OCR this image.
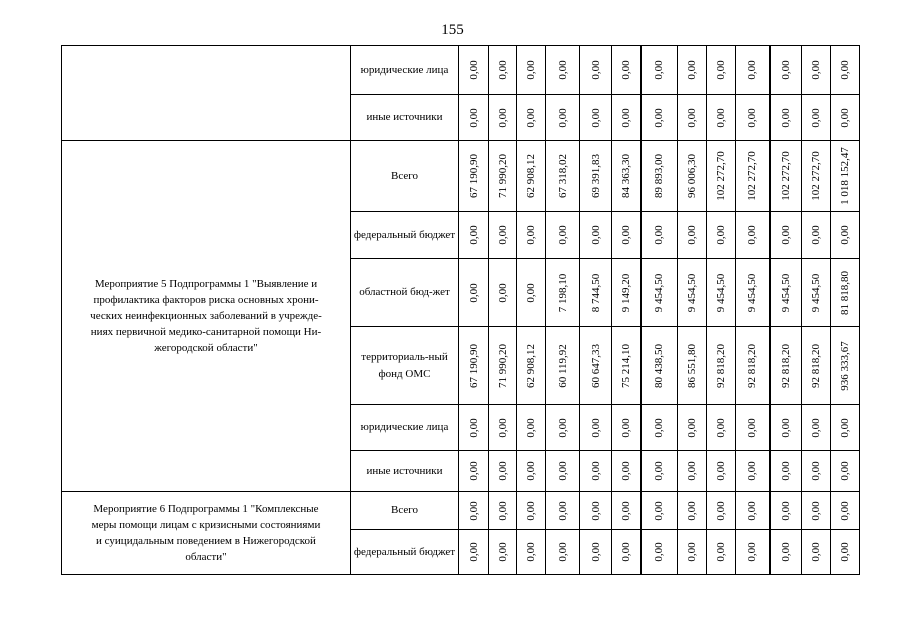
155
	юридические лица	0,00	0,00	0,00	0,00	0,00	0,00	0,00	0,00	0,00	0,00	0,00	0,00	0,00

	иные источники	0,00	0,00	0,00	0,00	0,00	0,00	0,00	0,00	0,00	0,00	0,00	0,00	0,00

Мероприятие 5 Подпрограммы 1 "Выявление и
профилактика факторов риска основных хрони-
ческих неинфекционных заболеваний в учрежде-
ниях первичной медико-санитарной помощи Ни-
жегородской области"	Всего	67 190,90	71 990,20	62 908,12	67 318,02	69 391,83	84 363,30	89 893,00	96 006,30	102 272,70	102 272,70	102 272,70	102 272,70	1 018 152,47

	федеральный бюджет	0,00	0,00	0,00	0,00	0,00	0,00	0,00	0,00	0,00	0,00	0,00	0,00	0,00

	областной бюд-жет	0,00	0,00	0,00	7 198,10	8 744,50	9 149,20	9 454,50	9 454,50	9 454,50	9 454,50	9 454,50	9 454,50	81 818,80

	территориаль-ный фонд ОМС	67 190,90	71 990,20	62 908,12	60 119,92	60 647,33	75 214,10	80 438,50	86 551,80	92 818,20	92 818,20	92 818,20	92 818,20	936 333,67

	юридические лица	0,00	0,00	0,00	0,00	0,00	0,00	0,00	0,00	0,00	0,00	0,00	0,00	0,00

	иные источники	0,00	0,00	0,00	0,00	0,00	0,00	0,00	0,00	0,00	0,00	0,00	0,00	0,00

Мероприятие 6 Подпрограммы 1 "Комплексные
меры помощи лицам с кризисными состояниями
и суицидальным поведением в Нижегородской
области"	Всего	0,00	0,00	0,00	0,00	0,00	0,00	0,00	0,00	0,00	0,00	0,00	0,00	0,00

	федеральный бюджет	0,00	0,00	0,00	0,00	0,00	0,00	0,00	0,00	0,00	0,00	0,00	0,00	0,00
